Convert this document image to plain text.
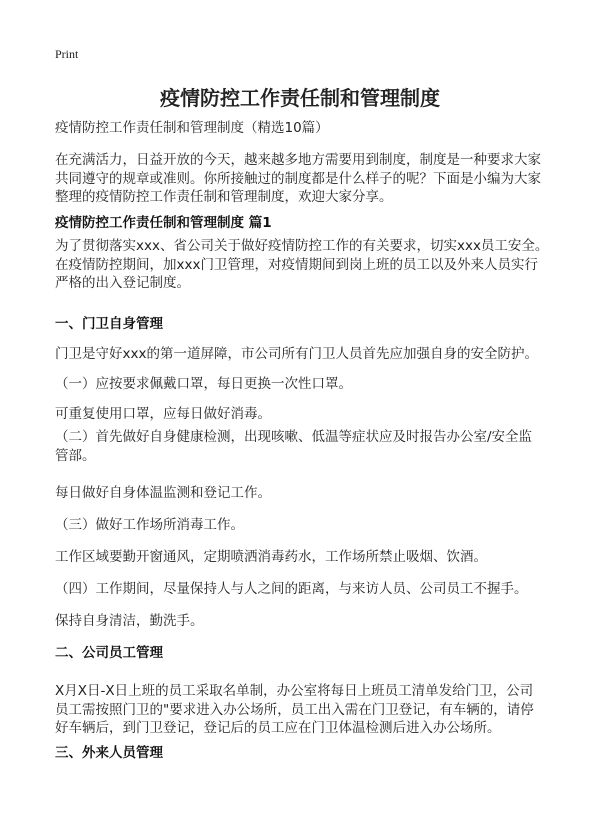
Print
疫情防控工作责任制和管理制度
疫情防控工作责任制和管理制度（精选10篇）
在充满活力，日益开放的今天，越来越多地方需要用到制度，制度是一种要求大家
共同遵守的规章或准则。你所接触过的制度都是什么样子的呢？下面是小编为大家
整理的疫情防控工作责任制和管理制度，欢迎大家分享。
疫情防控工作责任制和管理制度 篇1
为了贯彻落实xxx、省公司关于做好疫情防控工作的有关要求，切实xxx员工安全。
在疫情防控期间，加xxx门卫管理，对疫情期间到岗上班的员工以及外来人员实行
严格的出入登记制度。
一、门卫自身管理
门卫是守好xxx的第一道屏障，市公司所有门卫人员首先应加强自身的安全防护。
（一）应按要求佩戴口罩，每日更换一次性口罩。
可重复使用口罩，应每日做好消毒。
（二）首先做好自身健康检测，出现咳嗽、低温等症状应及时报告办公室/安全监
管部。
每日做好自身体温监测和登记工作。
（三）做好工作场所消毒工作。
工作区域要勤开窗通风，定期喷洒消毒药水，工作场所禁止吸烟、饮酒。
（四）工作期间，尽量保持人与人之间的距离，与来访人员、公司员工不握手。
保持自身清洁，勤洗手。
二、公司员工管理
X月X日-X日上班的员工采取名单制，办公室将每日上班员工清单发给门卫，公司
员工需按照门卫的"要求进入办公场所，员工出入需在门卫登记，有车辆的，请停
好车辆后，到门卫登记，登记后的员工应在门卫体温检测后进入办公场所。
三、外来人员管理
